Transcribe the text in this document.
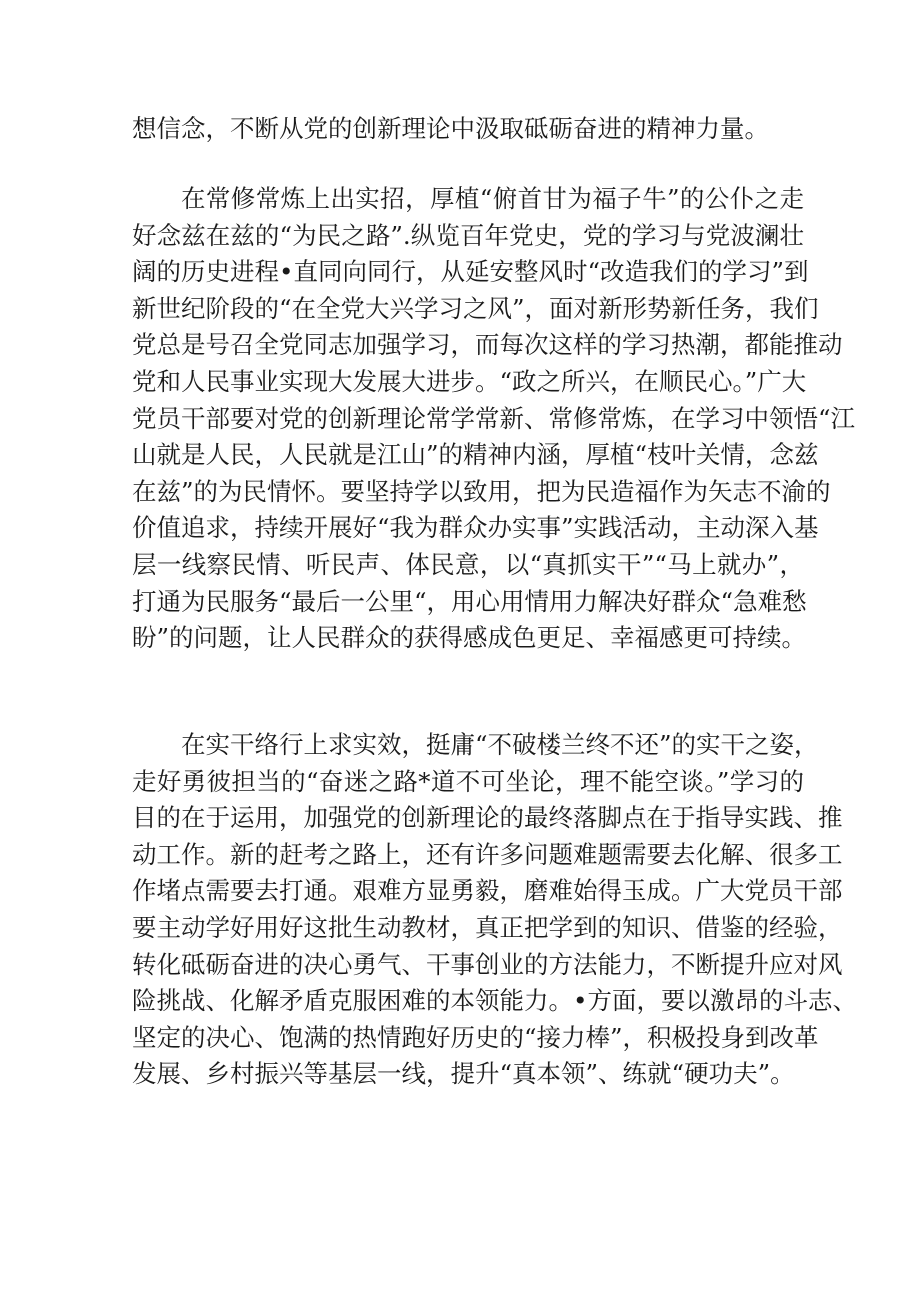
想信念，不断从党的创新理论中汲取砥砺奋进的精神力量。
在常修常炼上出实招，厚植“俯首甘为福子牛”的公仆之走
好念兹在兹的“为民之路”.纵览百年党史，党的学习与党波澜壮
阔的历史进程•直同向同行，从延安整风时“改造我们的学习”到
新世纪阶段的“在全党大兴学习之风”，面对新形势新任务，我们
党总是号召全党同志加强学习，而每次这样的学习热潮，都能推动
党和人民事业实现大发展大进步。“政之所兴，在顺民心。”广大
党员干部要对党的创新理论常学常新、常修常炼，在学习中领悟“江
山就是人民，人民就是江山”的精神内涵，厚植“枝叶关情，念兹
在兹”的为民情怀。要坚持学以致用，把为民造福作为矢志不渝的
价值追求，持续开展好“我为群众办实事”实践活动，主动深入基
层一线察民情、听民声、体民意，以“真抓实干”“马上就办”，
打通为民服务“最后一公里“，用心用情用力解决好群众“急难愁
盼”的问题，让人民群众的获得感成色更足、幸福感更可持续。
在实干络行上求实效，挺庸“不破楼兰终不还”的实干之姿，
走好勇彼担当的“奋迷之路*道不可坐论，理不能空谈。”学习的
目的在于运用，加强党的创新理论的最终落脚点在于指导实践、推
动工作。新的赶考之路上，还有许多问题难题需要去化解、很多工
作堵点需要去打通。艰难方显勇毅，磨难始得玉成。广大党员干部
要主动学好用好这批生动教材，真正把学到的知识、借鉴的经验，
转化砥砺奋进的决心勇气、干事创业的方法能力，不断提升应对风
险挑战、化解矛盾克服困难的本领能力。•方面，要以激昂的斗志、
坚定的决心、饱满的热情跑好历史的“接力棒”，积极投身到改革
发展、乡村振兴等基层一线，提升“真本领”、练就“硬功夫”。
